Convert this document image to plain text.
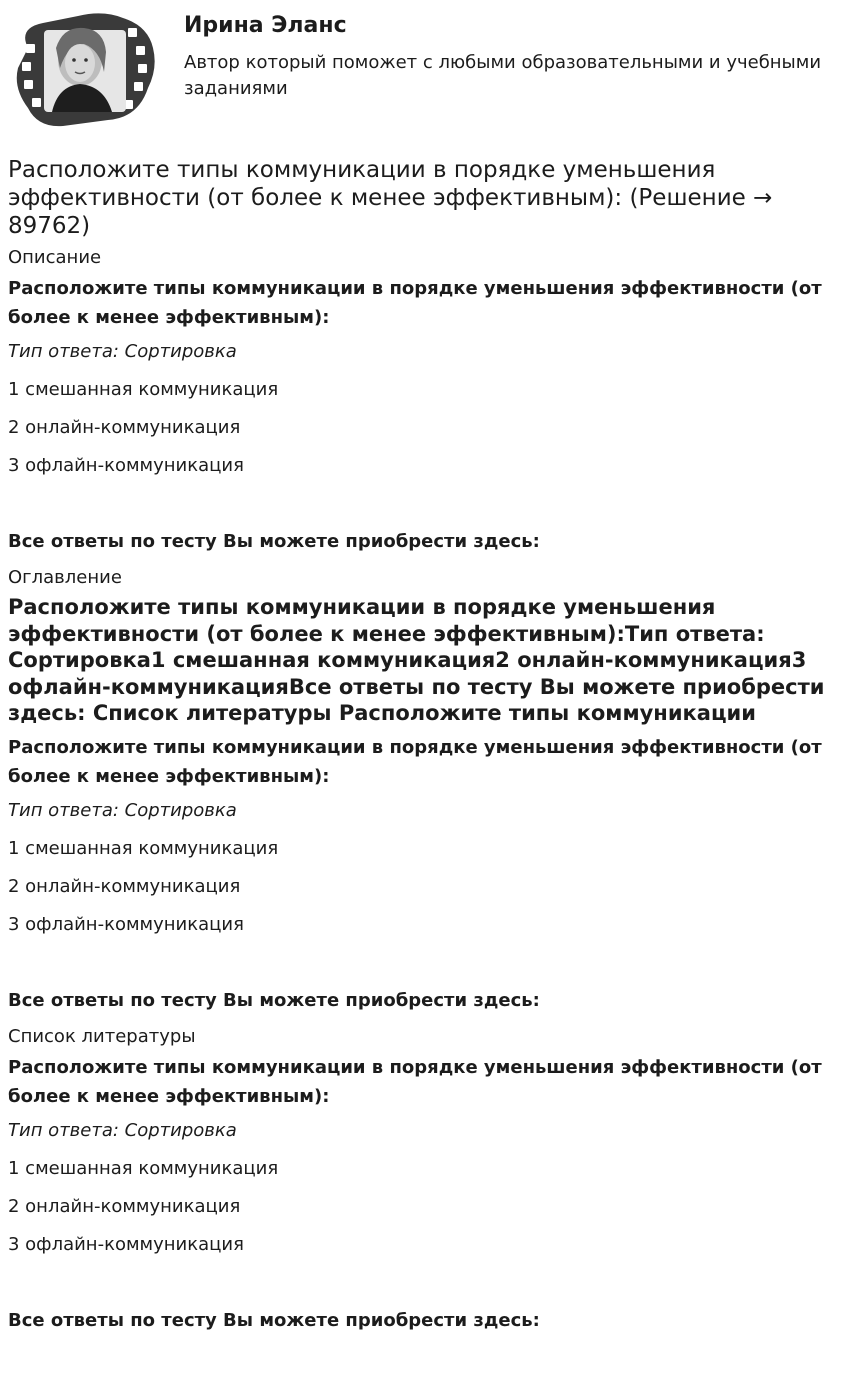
Ирина Эланс

Автор который поможет с любыми образовательными и учебными заданиями

Расположите типы коммуникации в порядке уменьшения эффективности (от более к менее эффективным): (Решение → 89762)

Описание

Расположите типы коммуникации в порядке уменьшения эффективности (от более к менее эффективным):

Тип ответа: Сортировка

1 смешанная коммуникация

2 онлайн-коммуникация

3 офлайн-коммуникация

Все ответы по тесту Вы можете приобрести здесь:

Оглавление

Расположите типы коммуникации в порядке уменьшения эффективности (от более к менее эффективным):Тип ответа: Сортировка1 смешанная коммуникация2 онлайн-коммуникация3 офлайн-коммуникацияВсе ответы по тесту Вы можете приобрести здесь: Список литературы Расположите типы коммуникации

Расположите типы коммуникации в порядке уменьшения эффективности (от более к менее эффективным):

Тип ответа: Сортировка

1 смешанная коммуникация

2 онлайн-коммуникация

3 офлайн-коммуникация

Все ответы по тесту Вы можете приобрести здесь:

Список литературы

Расположите типы коммуникации в порядке уменьшения эффективности (от более к менее эффективным):

Тип ответа: Сортировка

1 смешанная коммуникация

2 онлайн-коммуникация

3 офлайн-коммуникация

Все ответы по тесту Вы можете приобрести здесь:
